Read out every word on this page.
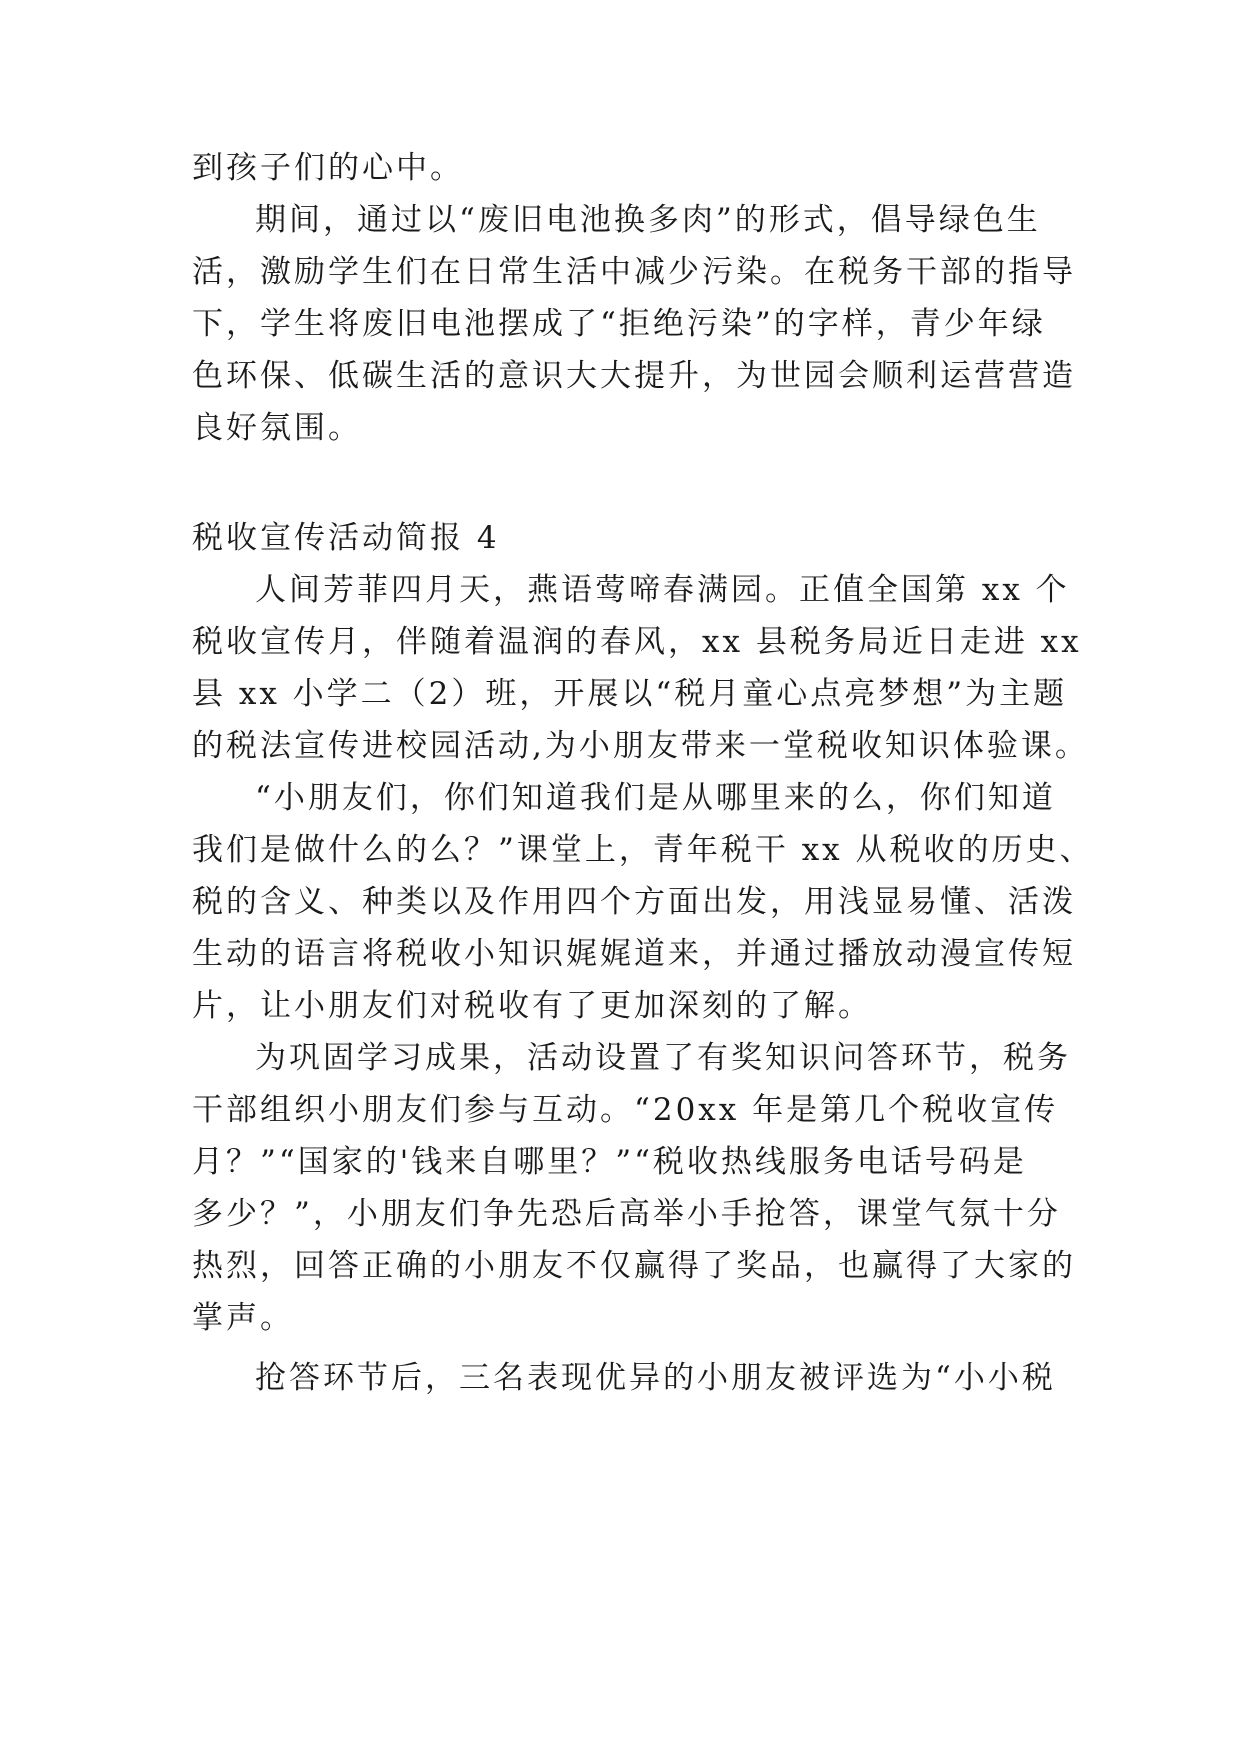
到孩子们的心中。
期间，通过以“废旧电池换多肉”的形式，倡导绿色生
活，激励学生们在日常生活中减少污染。在税务干部的指导
下，学生将废旧电池摆成了“拒绝污染”的字样，青少年绿
色环保、低碳生活的意识大大提升，为世园会顺利运营营造
良好氛围。
税收宣传活动简报 4
人间芳菲四月天，燕语莺啼春满园。正值全国第 xx 个
税收宣传月，伴随着温润的春风，xx 县税务局近日走进 xx
县 xx 小学二（2）班，开展以“税月童心点亮梦想”为主题
的税法宣传进校园活动,为小朋友带来一堂税收知识体验课。
“小朋友们，你们知道我们是从哪里来的么，你们知道
我们是做什么的么？”课堂上，青年税干 xx 从税收的历史、
税的含义、种类以及作用四个方面出发，用浅显易懂、活泼
生动的语言将税收小知识娓娓道来，并通过播放动漫宣传短
片，让小朋友们对税收有了更加深刻的了解。
为巩固学习成果，活动设置了有奖知识问答环节，税务
干部组织小朋友们参与互动。“20xx 年是第几个税收宣传
月？”“国家的'钱来自哪里？”“税收热线服务电话号码是
多少？”，小朋友们争先恐后高举小手抢答，课堂气氛十分
热烈，回答正确的小朋友不仅赢得了奖品，也赢得了大家的
掌声。
抢答环节后，三名表现优异的小朋友被评选为“小小税
